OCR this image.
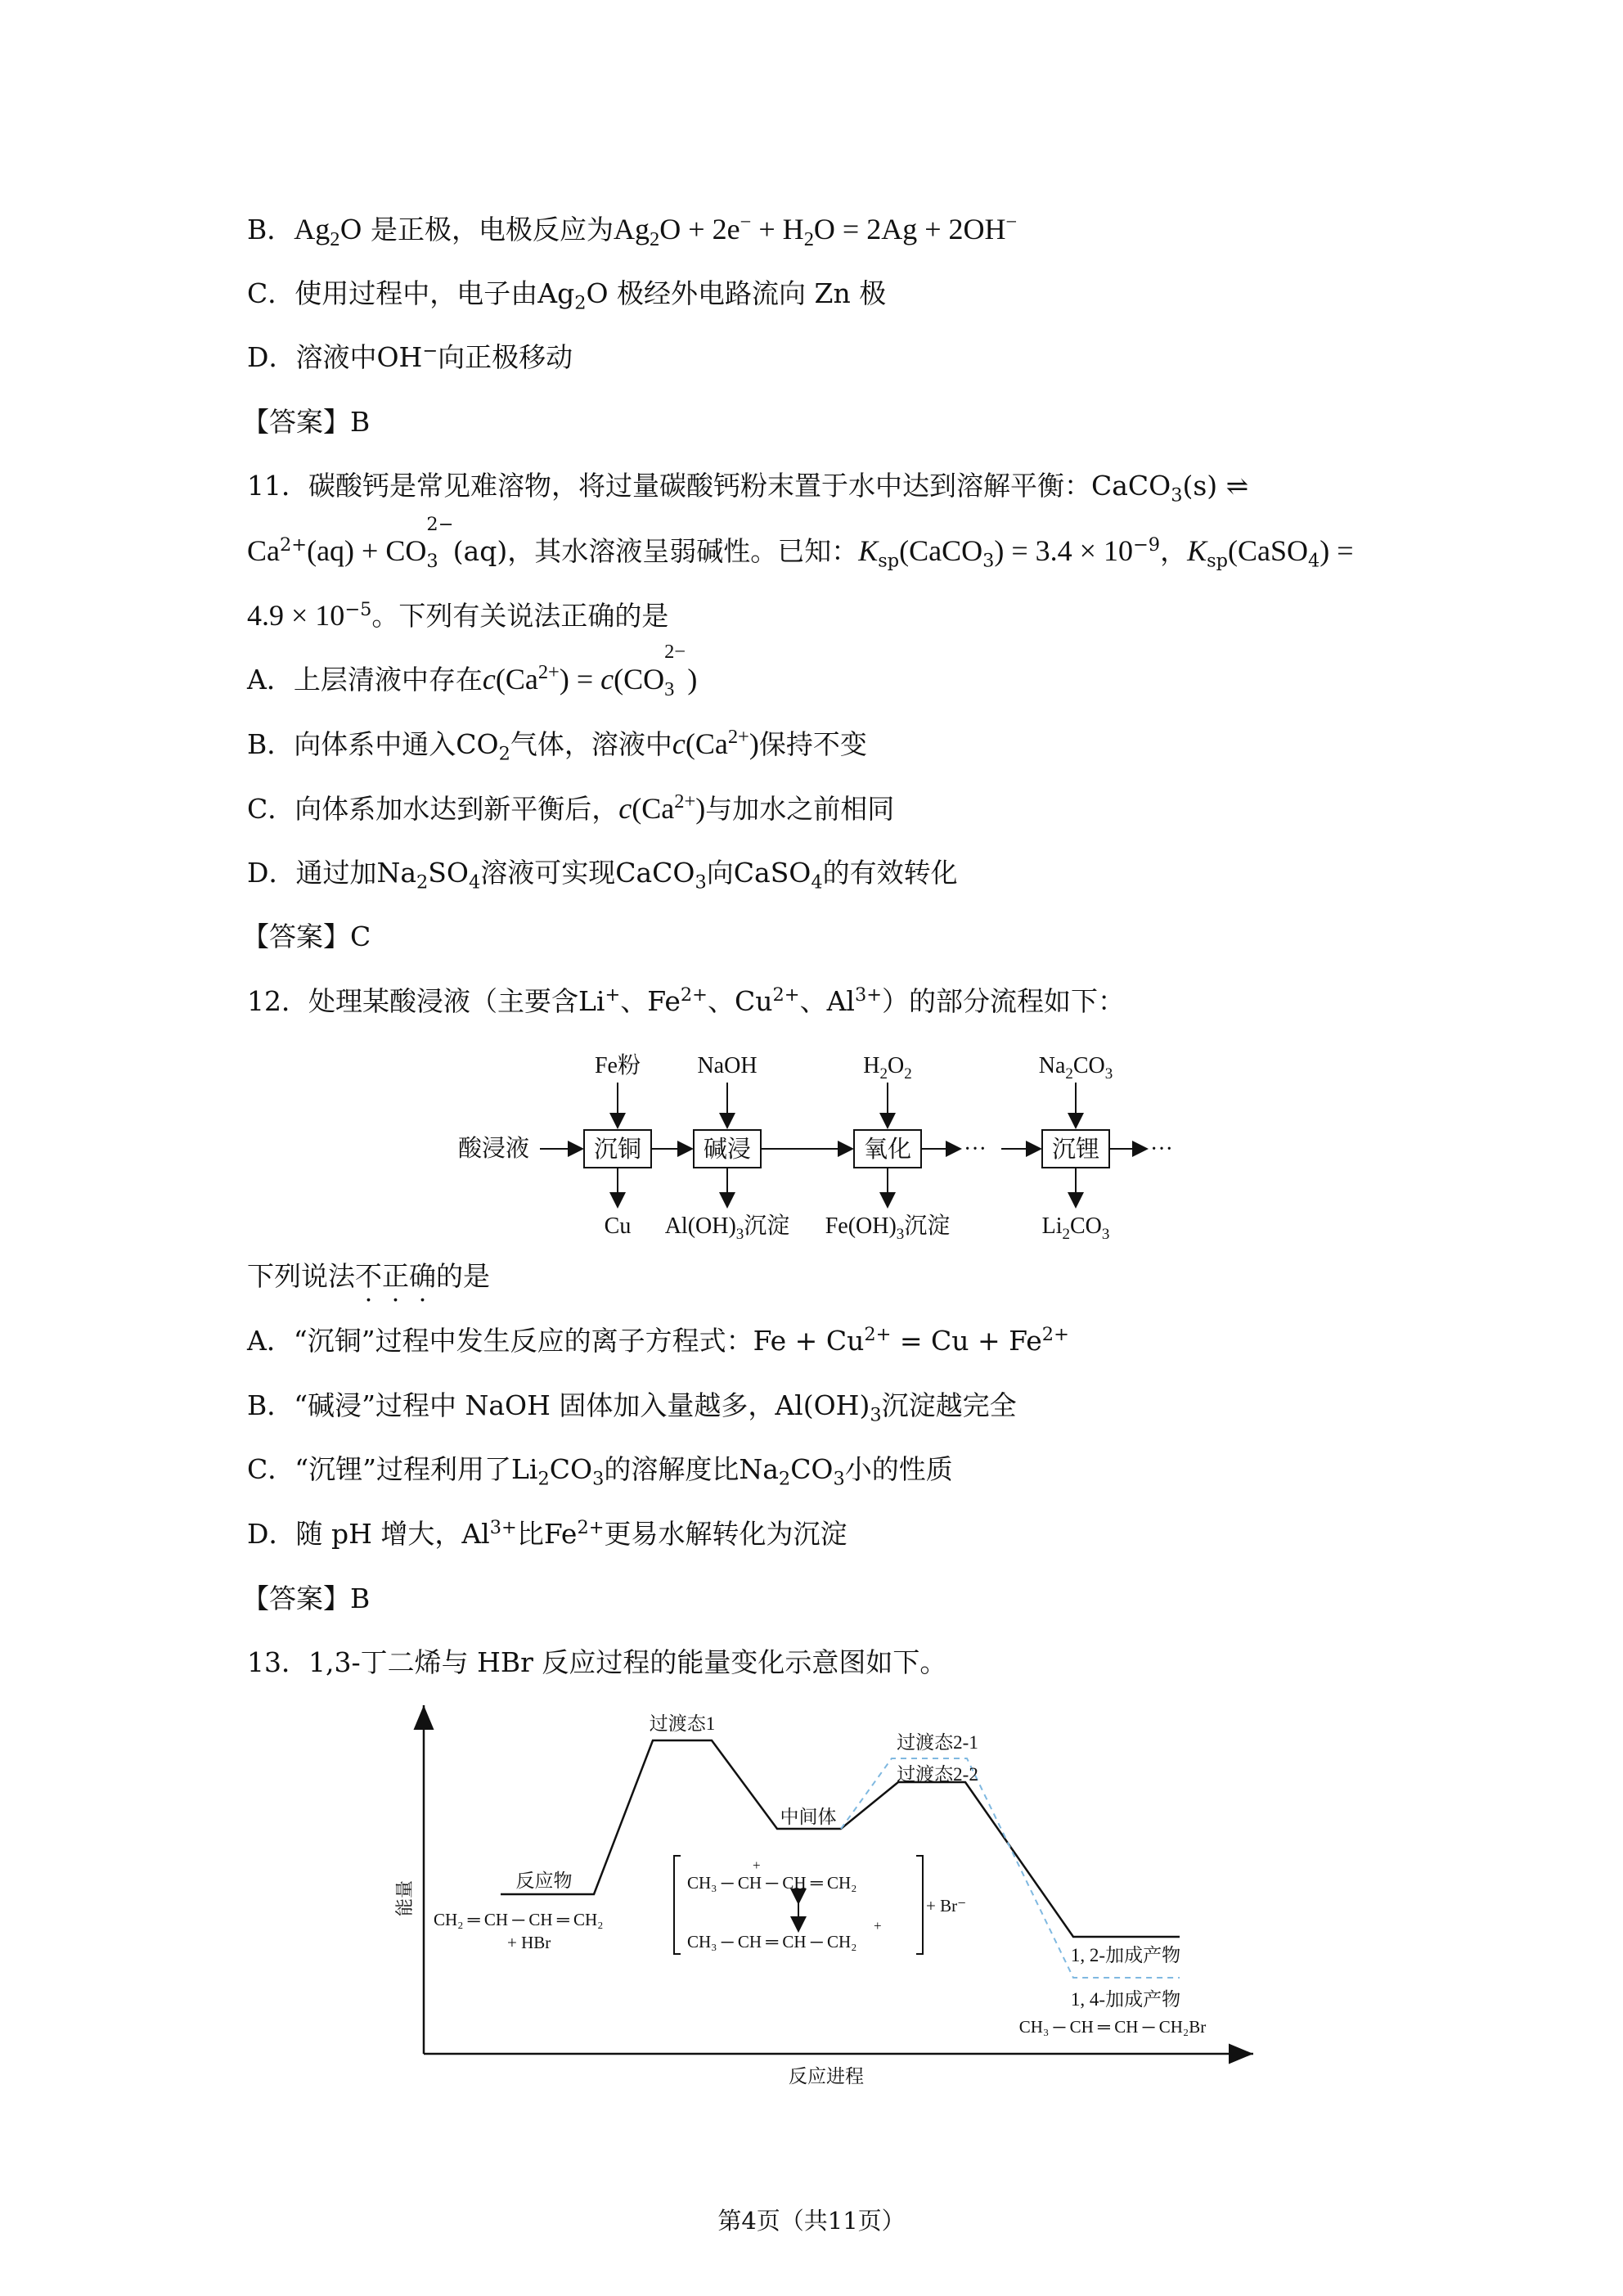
B．$Ag_2O$ 是正极，电极反应为$Ag_2O + 2e^- + H_2O = 2Ag + 2OH^-$
C．使用过程中，电子由$Ag_2O$ 极经外电路流向 Zn 极
D．溶液中OH−向正极移动
【答案】B
11．碳酸钙是常见难溶物，将过量碳酸钙粉末置于水中达到溶解平衡：CaCO$_3$(s) ⇌
$Ca^{2+}(aq)$ + CO
$_{2- 3}$ (aq)，其水溶液呈弱碱性。已知：$K_{sp}(CaCO_3) = 3.4 \times 10^{-9}$，$K_{sp}(CaSO_4)$ =
$4.9 \times 10^{-5}$。下列有关说法正确的是
A．上层清液中存在$c(Ca^{2+}) = c(CO$
$_{2- 3}$ )
B．向体系中通入$CO_2$气体，溶液中$c(Ca^{2+})$保持不变
C．向体系加水达到新平衡后，$c(Ca^{2+})$与加水之前相同
D．通过加$Na_2SO_4$溶液可实现CaCO$_3$向CaSO$_4$的有效转化
【答案】C
12．处理某酸浸液（主要含Li+、$Fe^{2+}$、$Cu^{2+}$、$Al^{3+}$）的部分流程如下：
酸浸液	沉铜	碱浸	氧化 ···	沉锂 ···
Fe粉 NaOH	$H_2O_2$	$Na_2CO_3$
Cu $Al(OH)_3$沉淀 $Fe(OH)_3$沉淀	$Li_2CO_3$
下列说法不正确的是
A．“沉铜”过程中发生反应的离子方程式：$Fe + Cu^{2+} = Cu + Fe^{2+}$
B．“碱浸”过程中 NaOH 固体加入量越多，$Al(OH)_3$沉淀越完全
C．“沉锂”过程利用了$Li_2CO_3$的溶解度比$Na_2CO_3$小的性质
D．随 pH 增大，$Al^{3+}$比$Fe^{2+}$更易水解转化为沉淀
【答案】B
13．1,3-丁二烯与 HBr 反应过程的能量变化示意图如下。
能量
反应进程
过渡态1
过渡态2-1
过渡态2-2
中间体
反应物
CH₂ ═ CH ─ CH ═ CH₂
+ HBr
CH₃ ─ CH ─ CH ═ CH₂
+
CH₃ ─ CH ═ CH ─ CH₂
+
+ Br⁻
1, 2-加成产物
1, 4-加成产物
CH₃ ─ CH ═ CH ─ CH₂Br
第4页（共11页）
